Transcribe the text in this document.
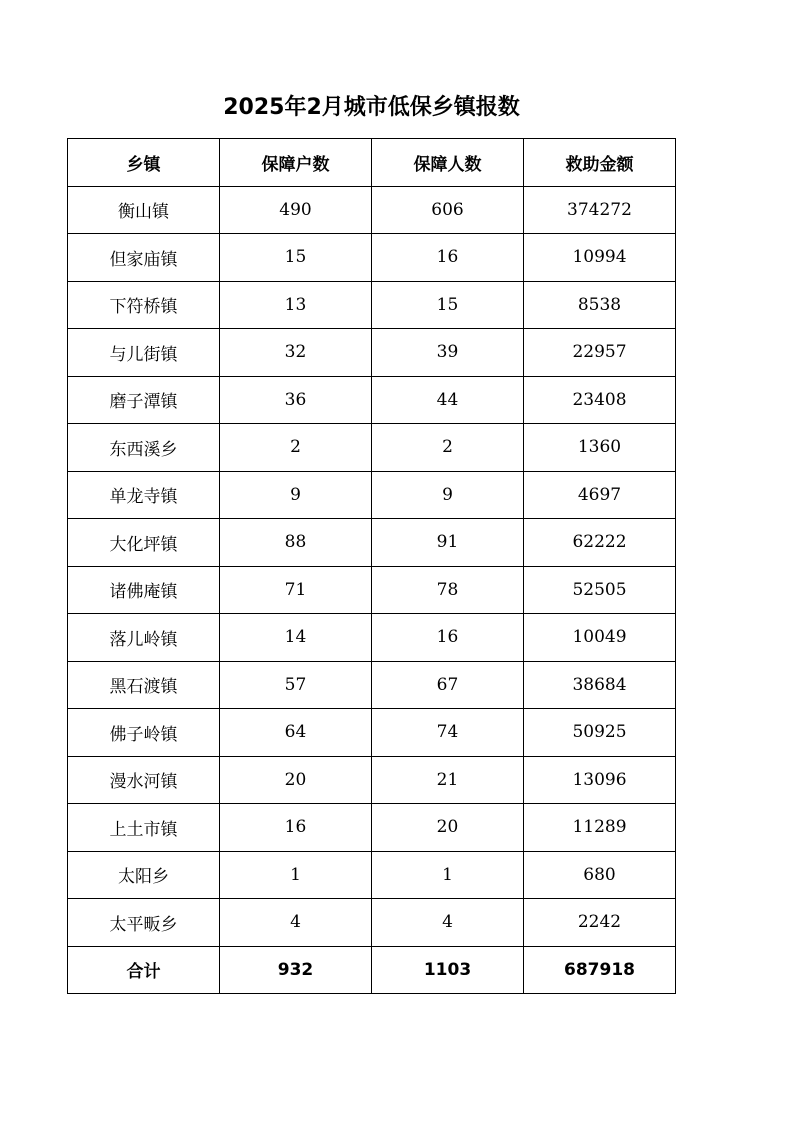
2025年2月城市低保乡镇报数
乡镇	保障户数	保障人数	救助金额
衡山镇	490	606	374272
但家庙镇	15	16	10994
下符桥镇	13	15	8538
与儿街镇	32	39	22957
磨子潭镇	36	44	23408
东西溪乡	2	2	1360
单龙寺镇	9	9	4697
大化坪镇	88	91	62222
诸佛庵镇	71	78	52505
落儿岭镇	14	16	10049
黑石渡镇	57	67	38684
佛子岭镇	64	74	50925
漫水河镇	20	21	13096
上土市镇	16	20	11289
太阳乡	1	1	680
太平畈乡	4	4	2242
合计	932	1103	687918
